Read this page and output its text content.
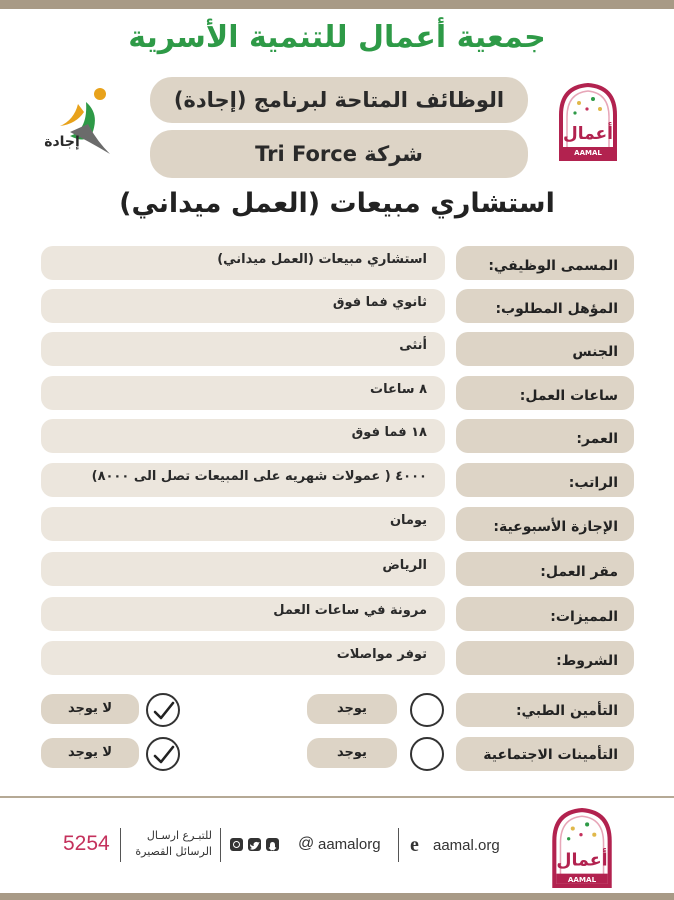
جمعية أعمال للتنمية الأسرية
أعمال
AAMAL
إجادة
الوظائف المتاحة لبرنامج (إجادة)
شركة Tri Force
استشاري مبيعات (العمل ميداني)
المسمى الوظيفي:
استشاري مبيعات (العمل ميداني)
المؤهل المطلوب:
ثانوي فما فوق
الجنس
أنثى
ساعات العمل:
٨ ساعات
العمر:
١٨ فما فوق
الراتب:
٤٠٠٠ ( عمولات شهريه على المبيعات تصل الى ٨٠٠٠)
الإجازة الأسبوعية:
يومان
مقر العمل:
الرياض
المميزات:
مرونة في ساعات العمل
الشروط:
توفر مواصلات
التأمين الطبي:
يوجد
لا يوجد
التأمينات الاجتماعية
يوجد
لا يوجد
5254	للتبـرع ارسـال
الرسائل القصيرة	@ aamalorg e aamal.org
أعمال
AAMAL
